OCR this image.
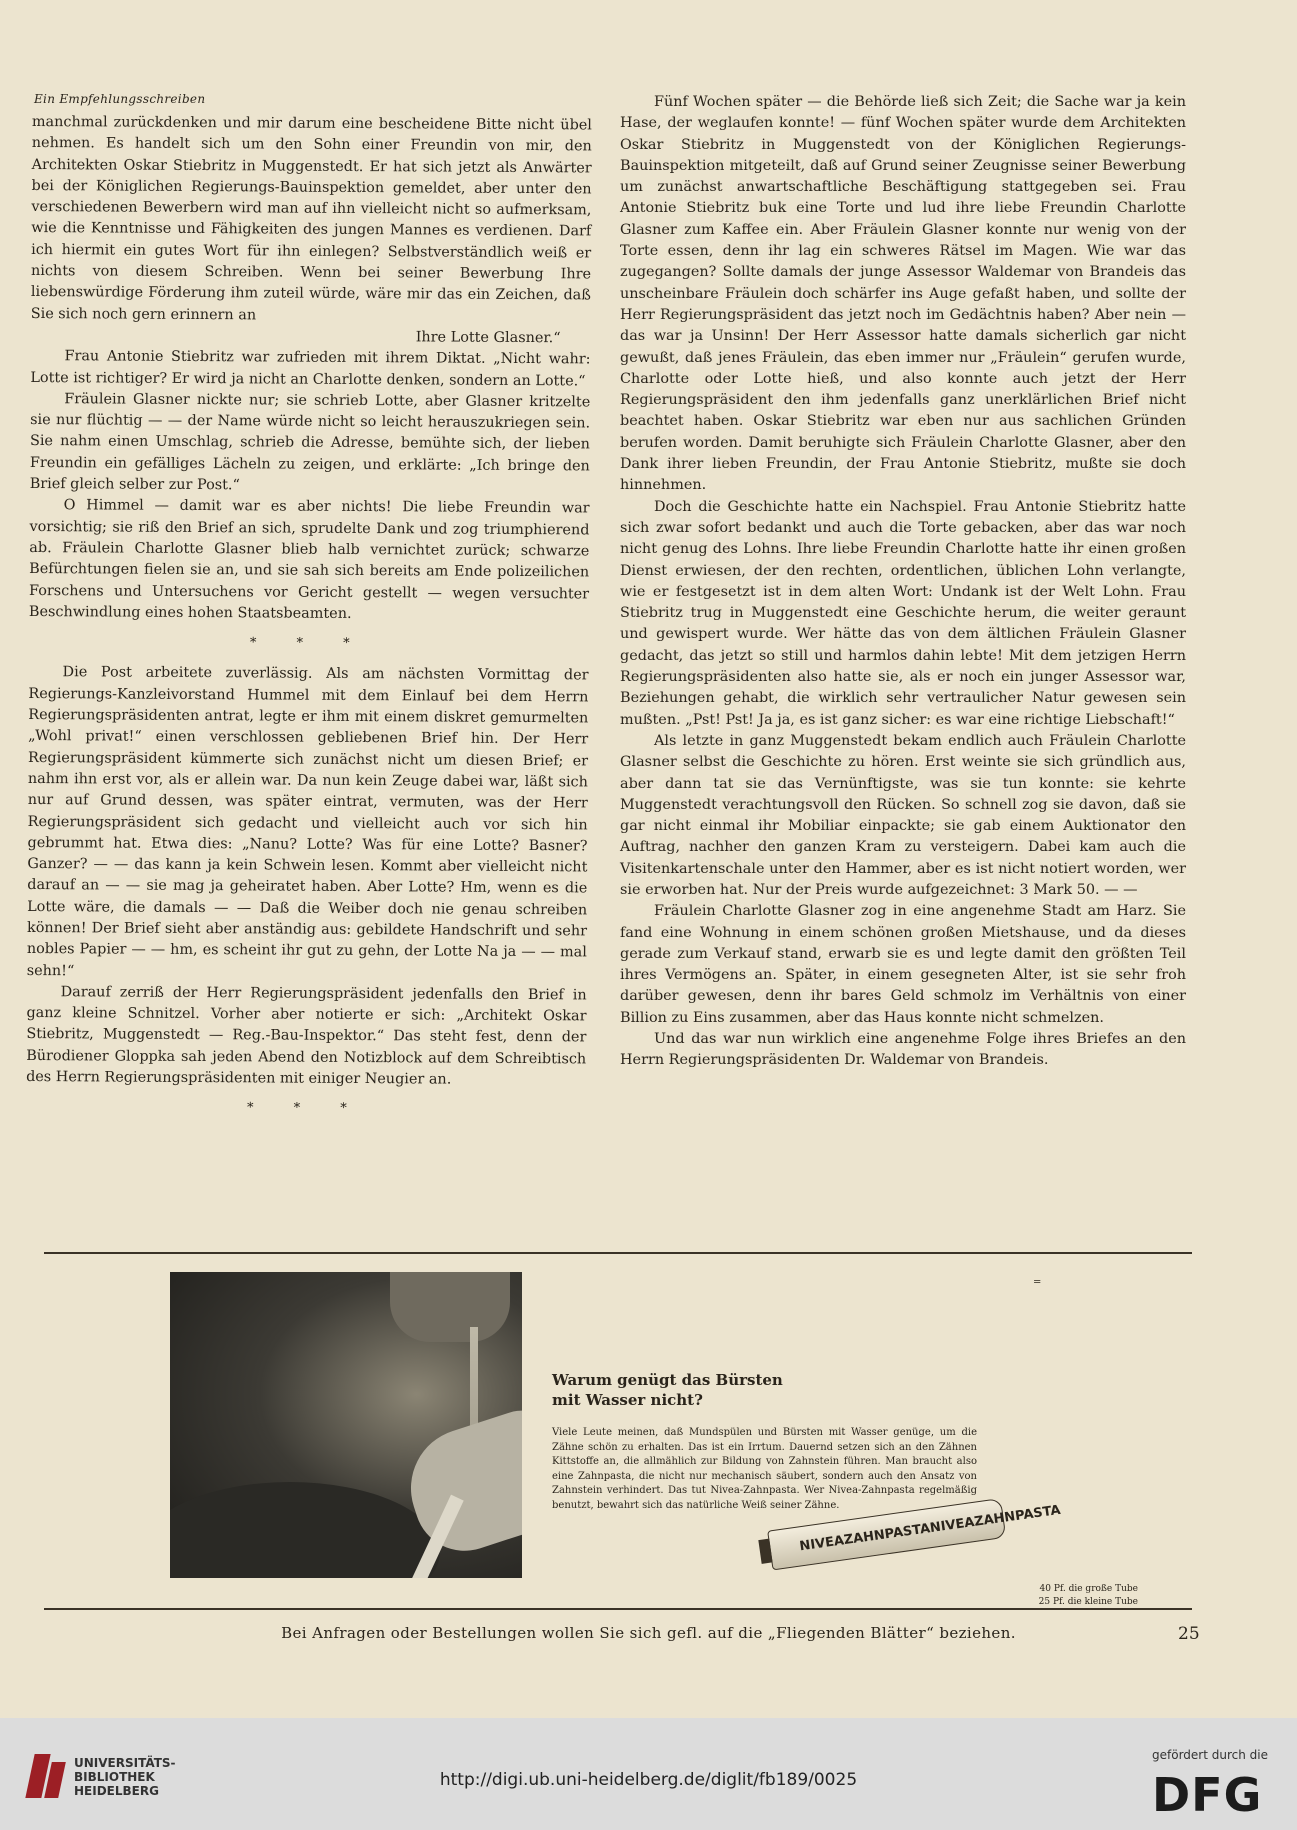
Ein Empfehlungsschreiben

manchmal zurückdenken und mir darum eine bescheidene Bitte nicht übel nehmen. Es handelt sich um den Sohn einer Freundin von mir, den Architekten Oskar Stiebritz in Muggenstedt. Er hat sich jetzt als Anwärter bei der Königlichen Regierungs-Bauinspektion gemeldet, aber unter den verschiedenen Bewerbern wird man auf ihn vielleicht nicht so aufmerksam, wie die Kenntnisse und Fähigkeiten des jungen Mannes es verdienen. Darf ich hiermit ein gutes Wort für ihn einlegen? Selbstverständlich weiß er nichts von diesem Schreiben. Wenn bei seiner Bewerbung Ihre liebenswürdige Förderung ihm zuteil würde, wäre mir das ein Zeichen, daß Sie sich noch gern erinnern an

Ihre Lotte Glasner.“

Frau Antonie Stiebritz war zufrieden mit ihrem Diktat. „Nicht wahr: Lotte ist richtiger? Er wird ja nicht an Charlotte denken, sondern an Lotte.“

Fräulein Glasner nickte nur; sie schrieb Lotte, aber Glasner kritzelte sie nur flüchtig — — der Name würde nicht so leicht herauszukriegen sein. Sie nahm einen Umschlag, schrieb die Adresse, bemühte sich, der lieben Freundin ein gefälliges Lächeln zu zeigen, und erklärte: „Ich bringe den Brief gleich selber zur Post.“

O Himmel — damit war es aber nichts! Die liebe Freundin war vorsichtig; sie riß den Brief an sich, sprudelte Dank und zog triumphierend ab. Fräulein Charlotte Glasner blieb halb vernichtet zurück; schwarze Befürchtungen fielen sie an, und sie sah sich bereits am Ende polizeilichen Forschens und Untersuchens vor Gericht gestellt — wegen versuchter Beschwindlung eines hohen Staatsbeamten.

* * *

Die Post arbeitete zuverlässig. Als am nächsten Vormittag der Regierungs-Kanzleivorstand Hummel mit dem Einlauf bei dem Herrn Regierungspräsidenten antrat, legte er ihm mit einem diskret gemurmelten „Wohl privat!“ einen verschlossen gebliebenen Brief hin. Der Herr Regierungspräsident kümmerte sich zunächst nicht um diesen Brief; er nahm ihn erst vor, als er allein war. Da nun kein Zeuge dabei war, läßt sich nur auf Grund dessen, was später eintrat, vermuten, was der Herr Regierungspräsident sich gedacht und vielleicht auch vor sich hin gebrummt hat. Etwa dies: „Nanu? Lotte? Was für eine Lotte? Basner? Ganzer? — — das kann ja kein Schwein lesen. Kommt aber vielleicht nicht darauf an — — sie mag ja geheiratet haben. Aber Lotte? Hm, wenn es die Lotte wäre, die damals — — Daß die Weiber doch nie genau schreiben können! Der Brief sieht aber anständig aus: gebildete Handschrift und sehr nobles Papier — — hm, es scheint ihr gut zu gehn, der Lotte Na ja — — mal sehn!“

Darauf zerriß der Herr Regierungspräsident jedenfalls den Brief in ganz kleine Schnitzel. Vorher aber notierte er sich: „Architekt Oskar Stiebritz, Muggenstedt — Reg.-Bau-Inspektor.“ Das steht fest, denn der Bürodiener Gloppka sah jeden Abend den Notizblock auf dem Schreibtisch des Herrn Regierungspräsidenten mit einiger Neugier an.

* * *

Fünf Wochen später — die Behörde ließ sich Zeit; die Sache war ja kein Hase, der weglaufen konnte! — fünf Wochen später wurde dem Architekten Oskar Stiebritz in Muggenstedt von der Königlichen Regierungs-Bauinspektion mitgeteilt, daß auf Grund seiner Zeugnisse seiner Bewerbung um zunächst anwartschaftliche Beschäftigung stattgegeben sei. Frau Antonie Stiebritz buk eine Torte und lud ihre liebe Freundin Charlotte Glasner zum Kaffee ein. Aber Fräulein Glasner konnte nur wenig von der Torte essen, denn ihr lag ein schweres Rätsel im Magen. Wie war das zugegangen? Sollte damals der junge Assessor Waldemar von Brandeis das unscheinbare Fräulein doch schärfer ins Auge gefaßt haben, und sollte der Herr Regierungspräsident das jetzt noch im Gedächtnis haben? Aber nein — das war ja Unsinn! Der Herr Assessor hatte damals sicherlich gar nicht gewußt, daß jenes Fräulein, das eben immer nur „Fräulein“ gerufen wurde, Charlotte oder Lotte hieß, und also konnte auch jetzt der Herr Regierungspräsident den ihm jedenfalls ganz unerklärlichen Brief nicht beachtet haben. Oskar Stiebritz war eben nur aus sachlichen Gründen berufen worden. Damit beruhigte sich Fräulein Charlotte Glasner, aber den Dank ihrer lieben Freundin, der Frau Antonie Stiebritz, mußte sie doch hinnehmen.

Doch die Geschichte hatte ein Nachspiel. Frau Antonie Stiebritz hatte sich zwar sofort bedankt und auch die Torte gebacken, aber das war noch nicht genug des Lohns. Ihre liebe Freundin Charlotte hatte ihr einen großen Dienst erwiesen, der den rechten, ordentlichen, üblichen Lohn verlangte, wie er festgesetzt ist in dem alten Wort: Undank ist der Welt Lohn. Frau Stiebritz trug in Muggenstedt eine Geschichte herum, die weiter geraunt und gewispert wurde. Wer hätte das von dem ältlichen Fräulein Glasner gedacht, das jetzt so still und harmlos dahin lebte! Mit dem jetzigen Herrn Regierungspräsidenten also hatte sie, als er noch ein junger Assessor war, Beziehungen gehabt, die wirklich sehr vertraulicher Natur gewesen sein mußten. „Pst! Pst! Ja ja, es ist ganz sicher: es war eine richtige Liebschaft!“

Als letzte in ganz Muggenstedt bekam endlich auch Fräulein Charlotte Glasner selbst die Geschichte zu hören. Erst weinte sie sich gründlich aus, aber dann tat sie das Vernünftigste, was sie tun konnte: sie kehrte Muggenstedt verachtungsvoll den Rücken. So schnell zog sie davon, daß sie gar nicht einmal ihr Mobiliar einpackte; sie gab einem Auktionator den Auftrag, nachher den ganzen Kram zu versteigern. Dabei kam auch die Visitenkartenschale unter den Hammer, aber es ist nicht notiert worden, wer sie erworben hat. Nur der Preis wurde aufgezeichnet: 3 Mark 50. — —

Fräulein Charlotte Glasner zog in eine angenehme Stadt am Harz. Sie fand eine Wohnung in einem schönen großen Mietshause, und da dieses gerade zum Verkauf stand, erwarb sie es und legte damit den größten Teil ihres Vermögens an. Später, in einem gesegneten Alter, ist sie sehr froh darüber gewesen, denn ihr bares Geld schmolz im Verhältnis von einer Billion zu Eins zusammen, aber das Haus konnte nicht schmelzen.

Und das war nun wirklich eine angenehme Folge ihres Briefes an den Herrn Regierungspräsidenten Dr. Waldemar von Brandeis.

=
Warum genügt das Bürsten
mit Wasser nicht?
Viele Leute meinen, daß Mundspülen und Bürsten mit Wasser genüge, um die Zähne schön zu erhalten. Das ist ein Irrtum. Dauernd setzen sich an den Zähnen Kittstoffe an, die allmählich zur Bildung von Zahnstein führen. Man braucht also eine Zahnpasta, die nicht nur mechanisch säubert, sondern auch den Ansatz von Zahnstein verhindert. Das tut Nivea-Zahnpasta. Wer Nivea-Zahnpasta regelmäßig benutzt, bewahrt sich das natürliche Weiß seiner Zähne.
NIVEA
ZAHNPASTA
NIVEA
ZAHNPASTA
40 Pf. die große Tube
25 Pf. die kleine Tube
Bei Anfragen oder Bestellungen wollen Sie sich gefl. auf die „Fliegenden Blätter“ beziehen.	25
UNIVERSITÄTS-
BIBLIOTHEK
HEIDELBERG
http://digi.ub.uni-heidelberg.de/diglit/fb189/0025
gefördert durch die
DFG
